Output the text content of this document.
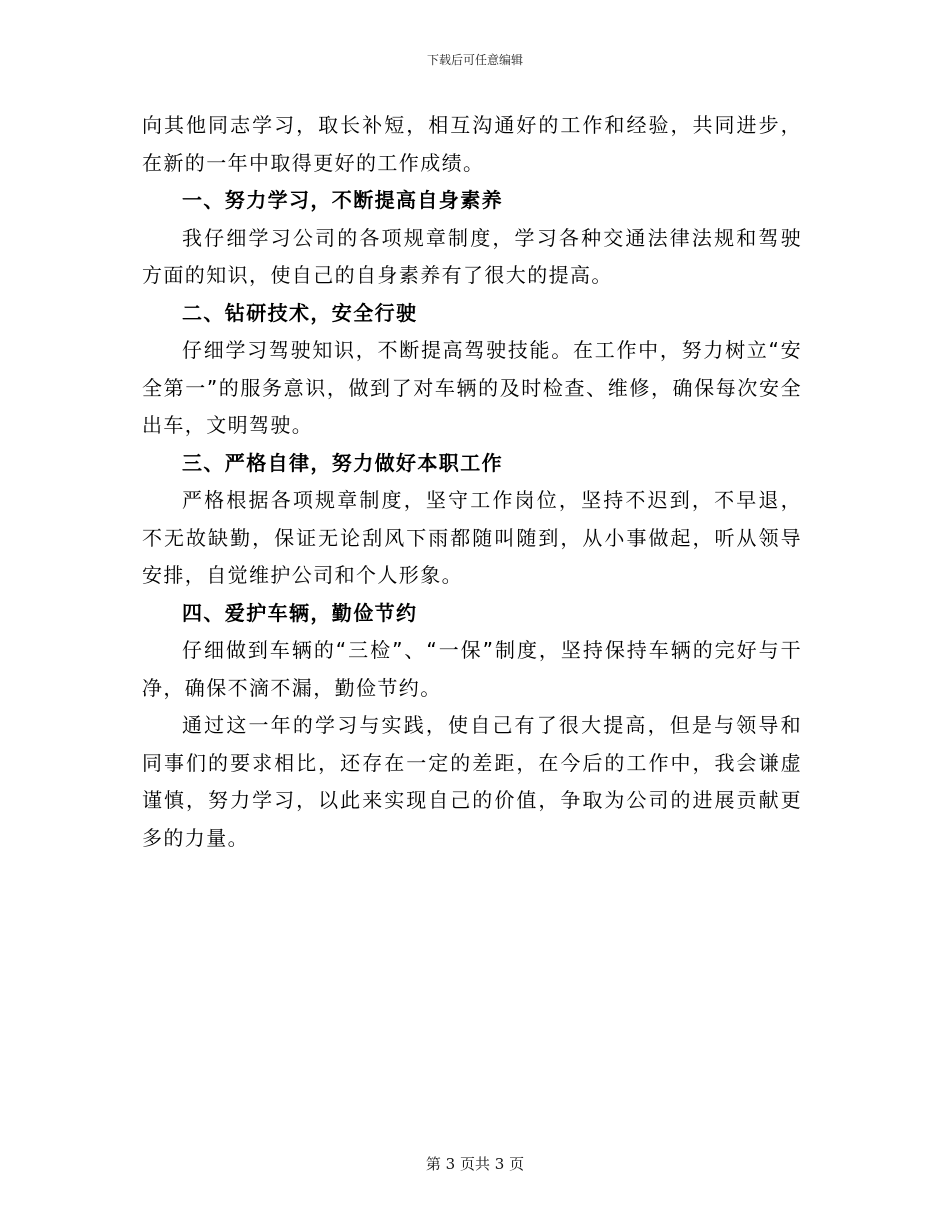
下载后可任意编辑

向其他同志学习，取长补短，相互沟通好的工作和经验，共同进步，在新的一年中取得更好的工作成绩。

一、努力学习，不断提高自身素养

我仔细学习公司的各项规章制度，学习各种交通法律法规和驾驶方面的知识，使自己的自身素养有了很大的提高。

二、钻研技术，安全行驶

仔细学习驾驶知识，不断提高驾驶技能。在工作中，努力树立“安全第一”的服务意识，做到了对车辆的及时检查、维修，确保每次安全出车，文明驾驶。

三、严格自律，努力做好本职工作

严格根据各项规章制度，坚守工作岗位，坚持不迟到，不早退，不无故缺勤，保证无论刮风下雨都随叫随到，从小事做起，听从领导安排，自觉维护公司和个人形象。

四、爱护车辆，勤俭节约

仔细做到车辆的“三检”、“一保”制度，坚持保持车辆的完好与干净，确保不滴不漏，勤俭节约。

通过这一年的学习与实践，使自己有了很大提高，但是与领导和同事们的要求相比，还存在一定的差距，在今后的工作中，我会谦虚谨慎，努力学习，以此来实现自己的价值，争取为公司的进展贡献更多的力量。

第 3 页共 3 页
